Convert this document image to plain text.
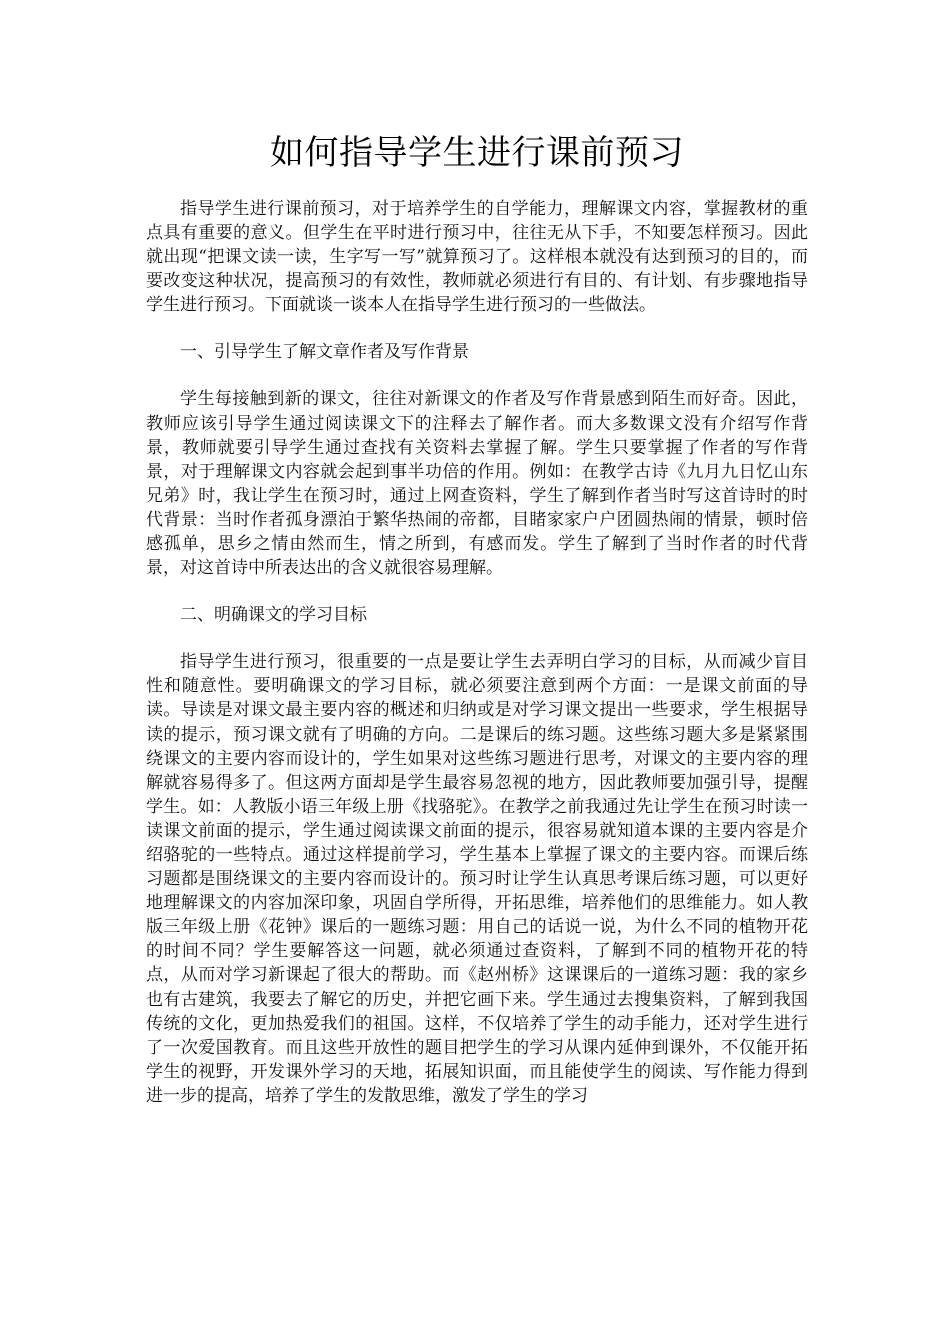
如何指导学生进行课前预习

指导学生进行课前预习，对于培养学生的自学能力，理解课文内容，掌握教材的重点具有重要的意义。但学生在平时进行预习中，往往无从下手，不知要怎样预习。因此就出现“把课文读一读，生字写一写”就算预习了。这样根本就没有达到预习的目的，而要改变这种状况，提高预习的有效性，教师就必须进行有目的、有计划、有步骤地指导学生进行预习。下面就谈一谈本人在指导学生进行预习的一些做法。

一、引导学生了解文章作者及写作背景

学生每接触到新的课文，往往对新课文的作者及写作背景感到陌生而好奇。因此，教师应该引导学生通过阅读课文下的注释去了解作者。而大多数课文没有介绍写作背景，教师就要引导学生通过查找有关资料去掌握了解。学生只要掌握了作者的写作背景，对于理解课文内容就会起到事半功倍的作用。例如：在教学古诗《九月九日忆山东兄弟》时，我让学生在预习时，通过上网查资料，学生了解到作者当时写这首诗时的时代背景：当时作者孤身漂泊于繁华热闹的帝都，目睹家家户户团圆热闹的情景，顿时倍感孤单，思乡之情由然而生，情之所到，有感而发。学生了解到了当时作者的时代背景，对这首诗中所表达出的含义就很容易理解。

二、明确课文的学习目标

指导学生进行预习，很重要的一点是要让学生去弄明白学习的目标，从而减少盲目性和随意性。要明确课文的学习目标，就必须要注意到两个方面：一是课文前面的导读。导读是对课文最主要内容的概述和归纳或是对学习课文提出一些要求，学生根据导读的提示，预习课文就有了明确的方向。二是课后的练习题。这些练习题大多是紧紧围绕课文的主要内容而设计的，学生如果对这些练习题进行思考，对课文的主要内容的理解就容易得多了。但这两方面却是学生最容易忽视的地方，因此教师要加强引导，提醒学生。如：人教版小语三年级上册《找骆驼》。在教学之前我通过先让学生在预习时读一读课文前面的提示，学生通过阅读课文前面的提示，很容易就知道本课的主要内容是介绍骆驼的一些特点。通过这样提前学习，学生基本上掌握了课文的主要内容。而课后练习题都是围绕课文的主要内容而设计的。预习时让学生认真思考课后练习题，可以更好地理解课文的内容加深印象，巩固自学所得，开拓思维，培养他们的思维能力。如人教版三年级上册《花钟》课后的一题练习题：用自己的话说一说，为什么不同的植物开花的时间不同？学生要解答这一问题，就必须通过查资料，了解到不同的植物开花的特点，从而对学习新课起了很大的帮助。而《赵州桥》这课课后的一道练习题：我的家乡也有古建筑，我要去了解它的历史，并把它画下来。学生通过去搜集资料，了解到我国传统的文化，更加热爱我们的祖国。这样，不仅培养了学生的动手能力，还对学生进行了一次爱国教育。而且这些开放性的题目把学生的学习从课内延伸到课外，不仅能开拓学生的视野，开发课外学习的天地，拓展知识面，而且能使学生的阅读、写作能力得到进一步的提高，培养了学生的发散思维，激发了学生的学习
